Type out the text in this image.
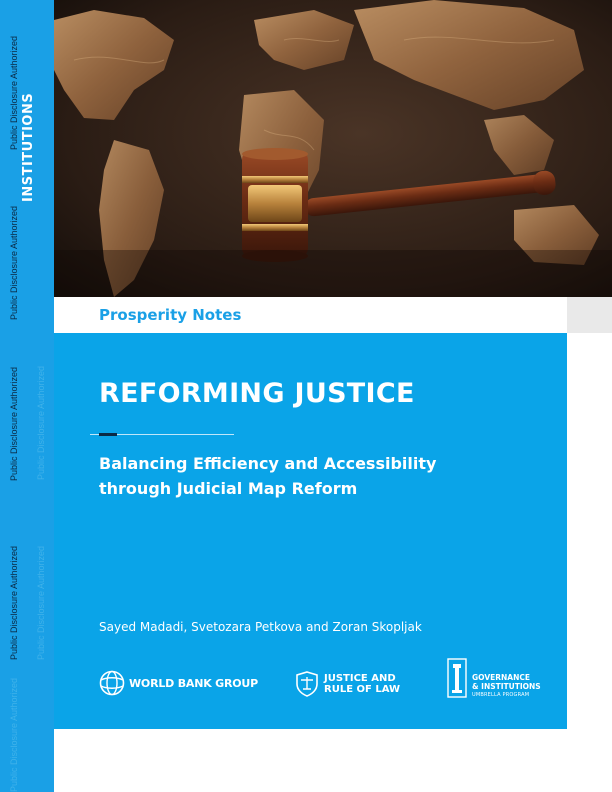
Public Disclosure Authorized INSTITUTIONS
Public Disclosure Authorized
Public Disclosure Authorized
Public Disclosure Authorized
Public Disclosure Authorized
Public Disclosure Authorized
Public Disclosure Authorized
Prosperity Notes
REFORMING JUSTICE
Balancing Efficiency and Accessibility
through Judicial Map Reform
Sayed Madadi, Svetozara Petkova and Zoran Skopljak
WORLD BANK GROUP	JUSTICE AND
RULE OF LAW
GOVERNANCE
& INSTITUTIONS
UMBRELLA PROGRAM
